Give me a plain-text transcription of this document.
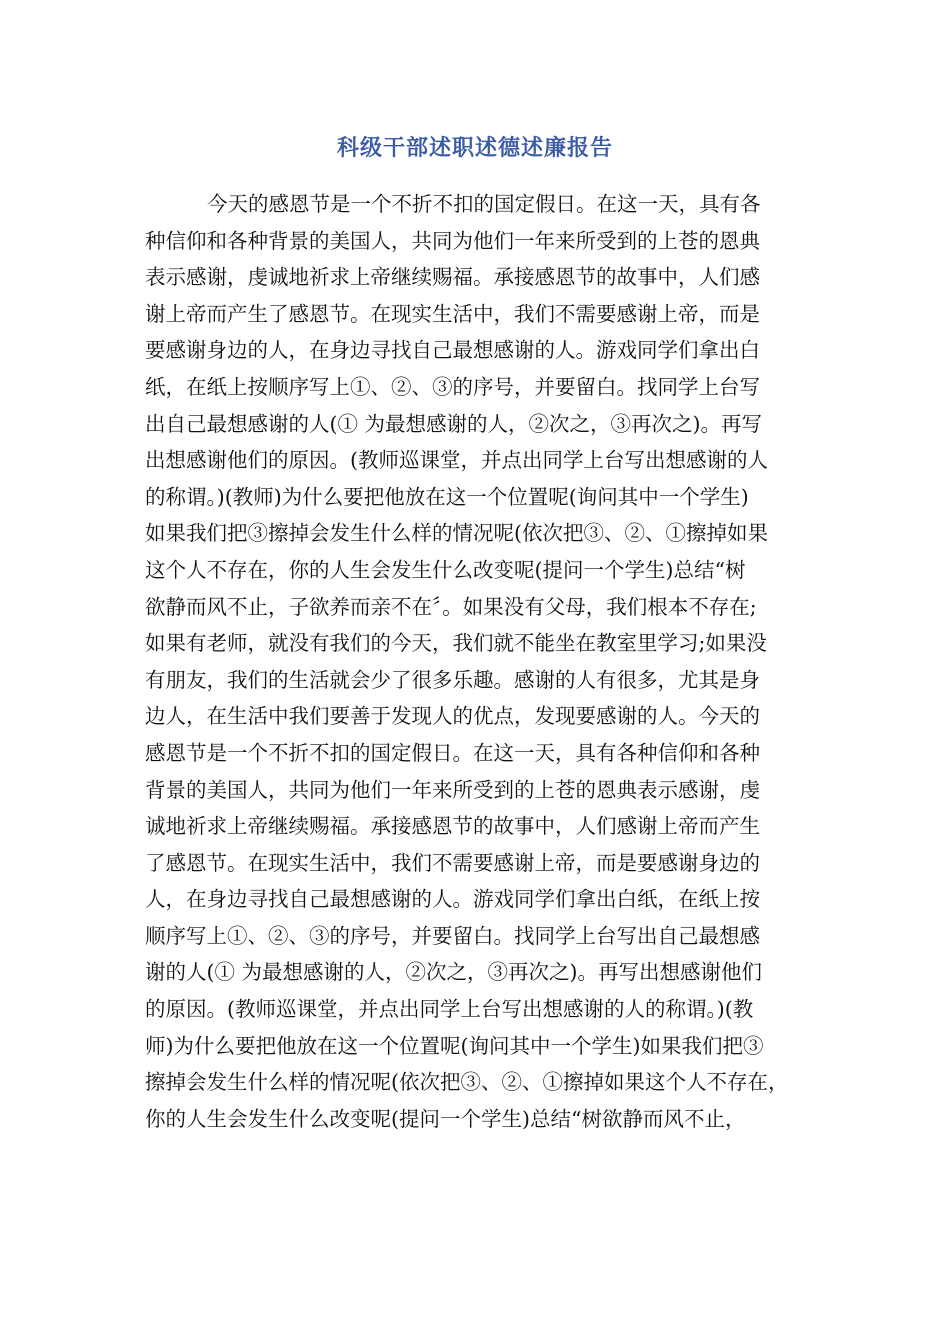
科级干部述职述德述廉报告
今天的感恩节是一个不折不扣的国定假日。在这一天，具有各
种信仰和各种背景的美国人，共同为他们一年来所受到的上苍的恩典
表示感谢，虔诚地祈求上帝继续赐福。承接感恩节的故事中，人们感
谢上帝而产生了感恩节。在现实生活中，我们不需要感谢上帝，而是
要感谢身边的人，在身边寻找自己最想感谢的人。游戏同学们拿出白
纸，在纸上按顺序写上①、②、③的序号，并要留白。找同学上台写
出自己最想感谢的人(① 为最想感谢的人，②次之，③再次之)。再写
出想感谢他们的原因。(教师巡课堂，并点出同学上台写出想感谢的人
的称谓。)(教师)为什么要把他放在这一个位置呢(询问其中一个学生)
如果我们把③擦掉会发生什么样的情况呢(依次把③、②、①擦掉如果
这个人不存在，你的人生会发生什么改变呢(提问一个学生)总结“树
欲静而风不止，子欲养而亲不在〞。如果没有父母，我们根本不存在;
如果有老师，就没有我们的今天，我们就不能坐在教室里学习;如果没
有朋友，我们的生活就会少了很多乐趣。感谢的人有很多，尤其是身
边人，在生活中我们要善于发现人的优点，发现要感谢的人。今天的
感恩节是一个不折不扣的国定假日。在这一天，具有各种信仰和各种
背景的美国人，共同为他们一年来所受到的上苍的恩典表示感谢，虔
诚地祈求上帝继续赐福。承接感恩节的故事中，人们感谢上帝而产生
了感恩节。在现实生活中，我们不需要感谢上帝，而是要感谢身边的
人，在身边寻找自己最想感谢的人。游戏同学们拿出白纸，在纸上按
顺序写上①、②、③的序号，并要留白。找同学上台写出自己最想感
谢的人(① 为最想感谢的人，②次之，③再次之)。再写出想感谢他们
的原因。(教师巡课堂，并点出同学上台写出想感谢的人的称谓。)(教
师)为什么要把他放在这一个位置呢(询问其中一个学生)如果我们把③
擦掉会发生什么样的情况呢(依次把③、②、①擦掉如果这个人不存在，
你的人生会发生什么改变呢(提问一个学生)总结“树欲静而风不止，
